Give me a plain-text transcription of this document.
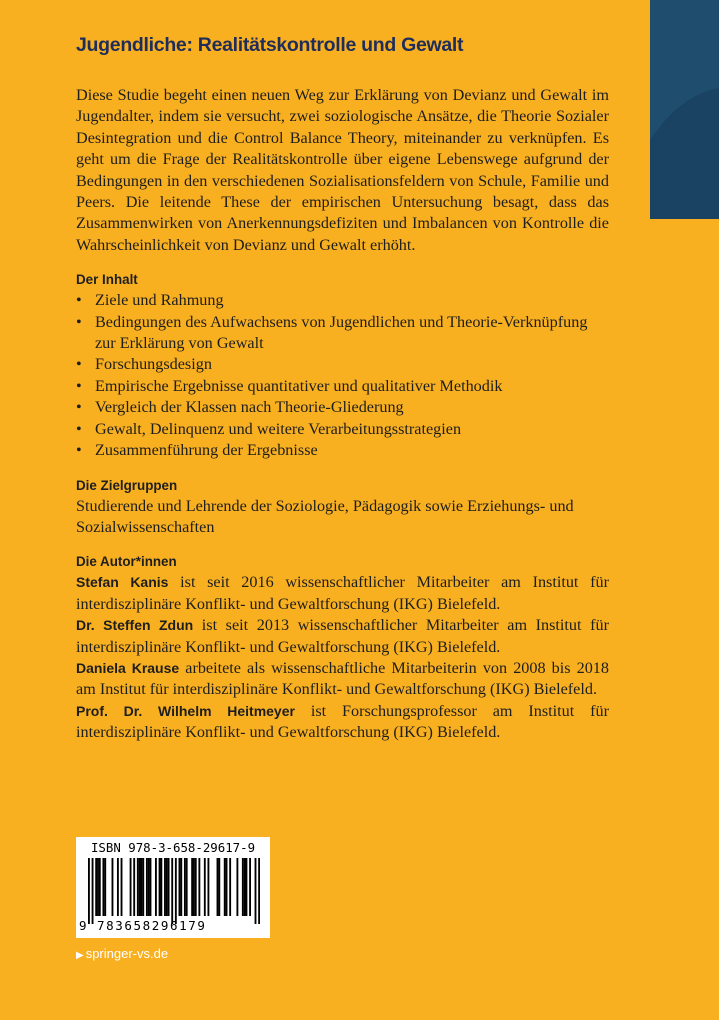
Jugendliche: Realitätskontrolle und Gewalt

Diese Studie begeht einen neuen Weg zur Erklärung von Devianz und Gewalt im Jugendalter, indem sie versucht, zwei soziologische Ansätze, die Theorie Sozialer Desintegration und die Control Balance Theory, miteinander zu verknüpfen. Es geht um die Frage der Realitätskontrolle über eigene Lebenswege aufgrund der Bedingungen in den verschiedenen Sozialisationsfeldern von Schule, Familie und Peers. Die leitende These der empirischen Untersuchung besagt, dass das Zusammenwirken von Anerkennungsdefiziten und Imbalancen von Kontrolle die Wahrscheinlichkeit von Devianz und Gewalt erhöht.

Der Inhalt
• Ziele und Rahmung
• Bedingungen des Aufwachsens von Jugendlichen und Theorie-Verknüpfung zur Erklärung von Gewalt
• Forschungsdesign
• Empirische Ergebnisse quantitativer und qualitativer Methodik
• Vergleich der Klassen nach Theorie-Gliederung
• Gewalt, Delinquenz und weitere Verarbeitungsstrategien
• Zusammenführung der Ergebnisse
Die Zielgruppen

Studierende und Lehrende der Soziologie, Pädagogik sowie Erziehungs- und Sozialwissenschaften

Die Autor*innen

Stefan Kanis ist seit 2016 wissenschaftlicher Mitarbeiter am Institut für interdisziplinäre Konflikt- und Gewaltforschung (IKG) Bielefeld.

Dr. Steffen Zdun ist seit 2013 wissenschaftlicher Mitarbeiter am Institut für interdisziplinäre Konflikt- und Gewaltforschung (IKG) Bielefeld.

Daniela Krause arbeitete als wissenschaftliche Mitarbeiterin von 2008 bis 2018 am Institut für interdisziplinäre Konflikt- und Gewaltforschung (IKG) Bielefeld.

Prof. Dr. Wilhelm Heitmeyer ist Forschungsprofessor am Institut für interdisziplinäre Konflikt- und Gewaltforschung (IKG) Bielefeld.

ISBN 978-3-658-29617-9
9 783658296179
▶ springer-vs.de
